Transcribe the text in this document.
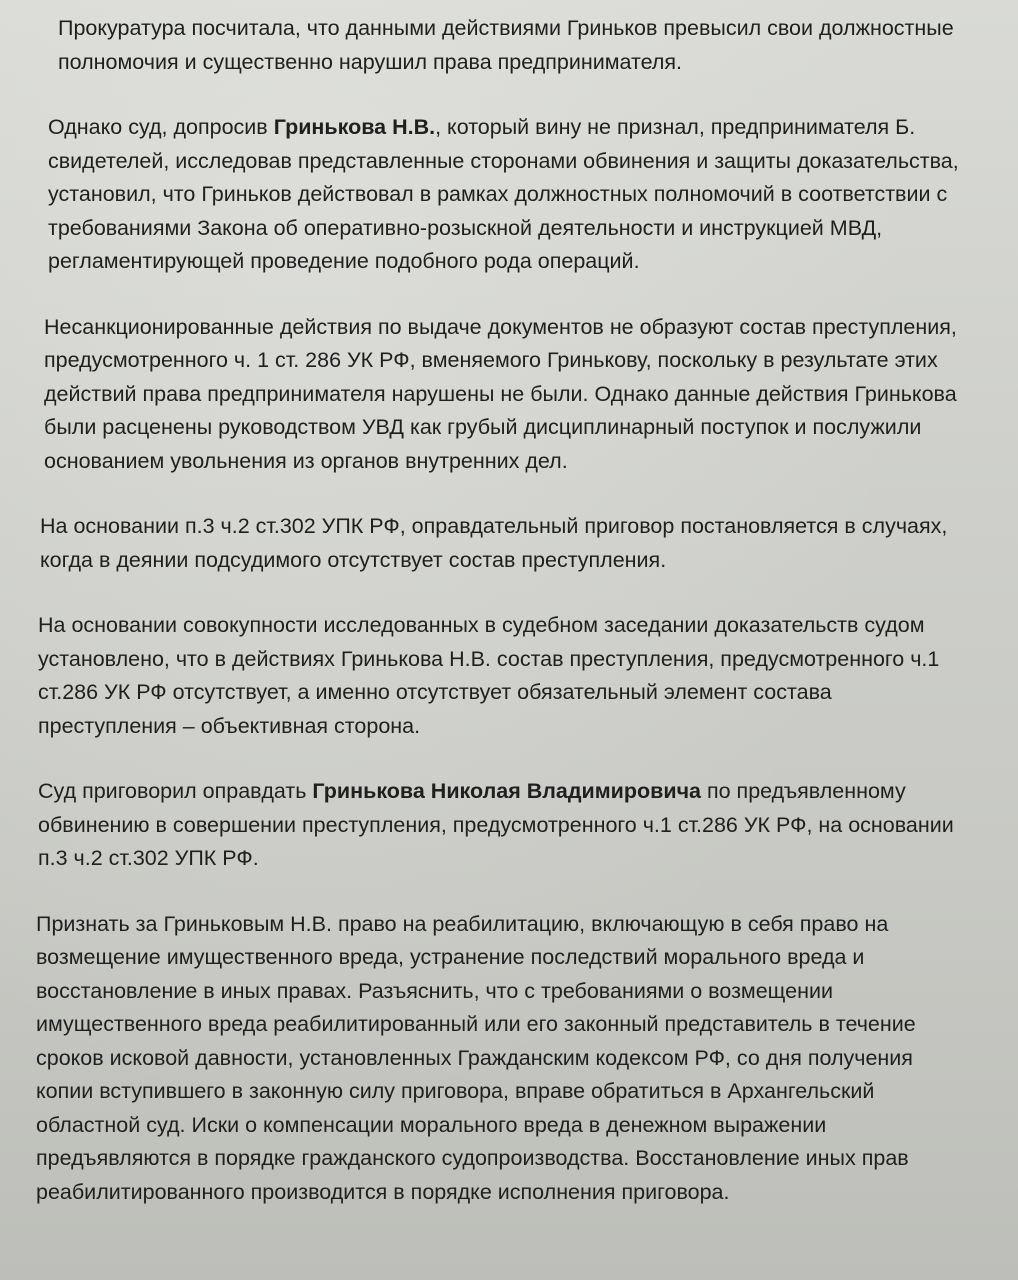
Прокуратура посчитала, что данными действиями Гриньков превысил свои должностные
полномочия и существенно нарушил права предпринимателя.
Однако суд, допросив Гринькова Н.В., который вину не признал, предпринимателя Б.
свидетелей, исследовав представленные сторонами обвинения и защиты доказательства,
установил, что Гриньков действовал в рамках должностных полномочий в соответствии с
требованиями Закона об оперативно-розыскной деятельности и инструкцией МВД,
регламентирующей проведение подобного рода операций.
Несанкционированные действия по выдаче документов не образуют состав преступления,
предусмотренного ч. 1 ст. 286 УК РФ, вменяемого Гринькову, поскольку в результате этих
действий права предпринимателя нарушены не были. Однако данные действия Гринькова
были расценены руководством УВД как грубый дисциплинарный поступок и послужили
основанием увольнения из органов внутренних дел.
На основании п.3 ч.2 ст.302 УПК РФ, оправдательный приговор постановляется в случаях,
когда в деянии подсудимого отсутствует состав преступления.
На основании совокупности исследованных в судебном заседании доказательств судом
установлено, что в действиях Гринькова Н.В. состав преступления, предусмотренного ч.1
ст.286 УК РФ отсутствует, а именно отсутствует обязательный элемент состава
преступления – объективная сторона.
Суд приговорил оправдать Гринькова Николая Владимировича по предъявленному
обвинению в совершении преступления, предусмотренного ч.1 ст.286 УК РФ, на основании
п.3 ч.2 ст.302 УПК РФ.
Признать за Гриньковым Н.В. право на реабилитацию, включающую в себя право на
возмещение имущественного вреда, устранение последствий морального вреда и
восстановление в иных правах. Разъяснить, что с требованиями о возмещении
имущественного вреда реабилитированный или его законный представитель в течение
сроков исковой давности, установленных Гражданским кодексом РФ, со дня получения
копии вступившего в законную силу приговора, вправе обратиться в Архангельский
областной суд. Иски о компенсации морального вреда в денежном выражении
предъявляются в порядке гражданского судопроизводства. Восстановление иных прав
реабилитированного производится в порядке исполнения приговора.
